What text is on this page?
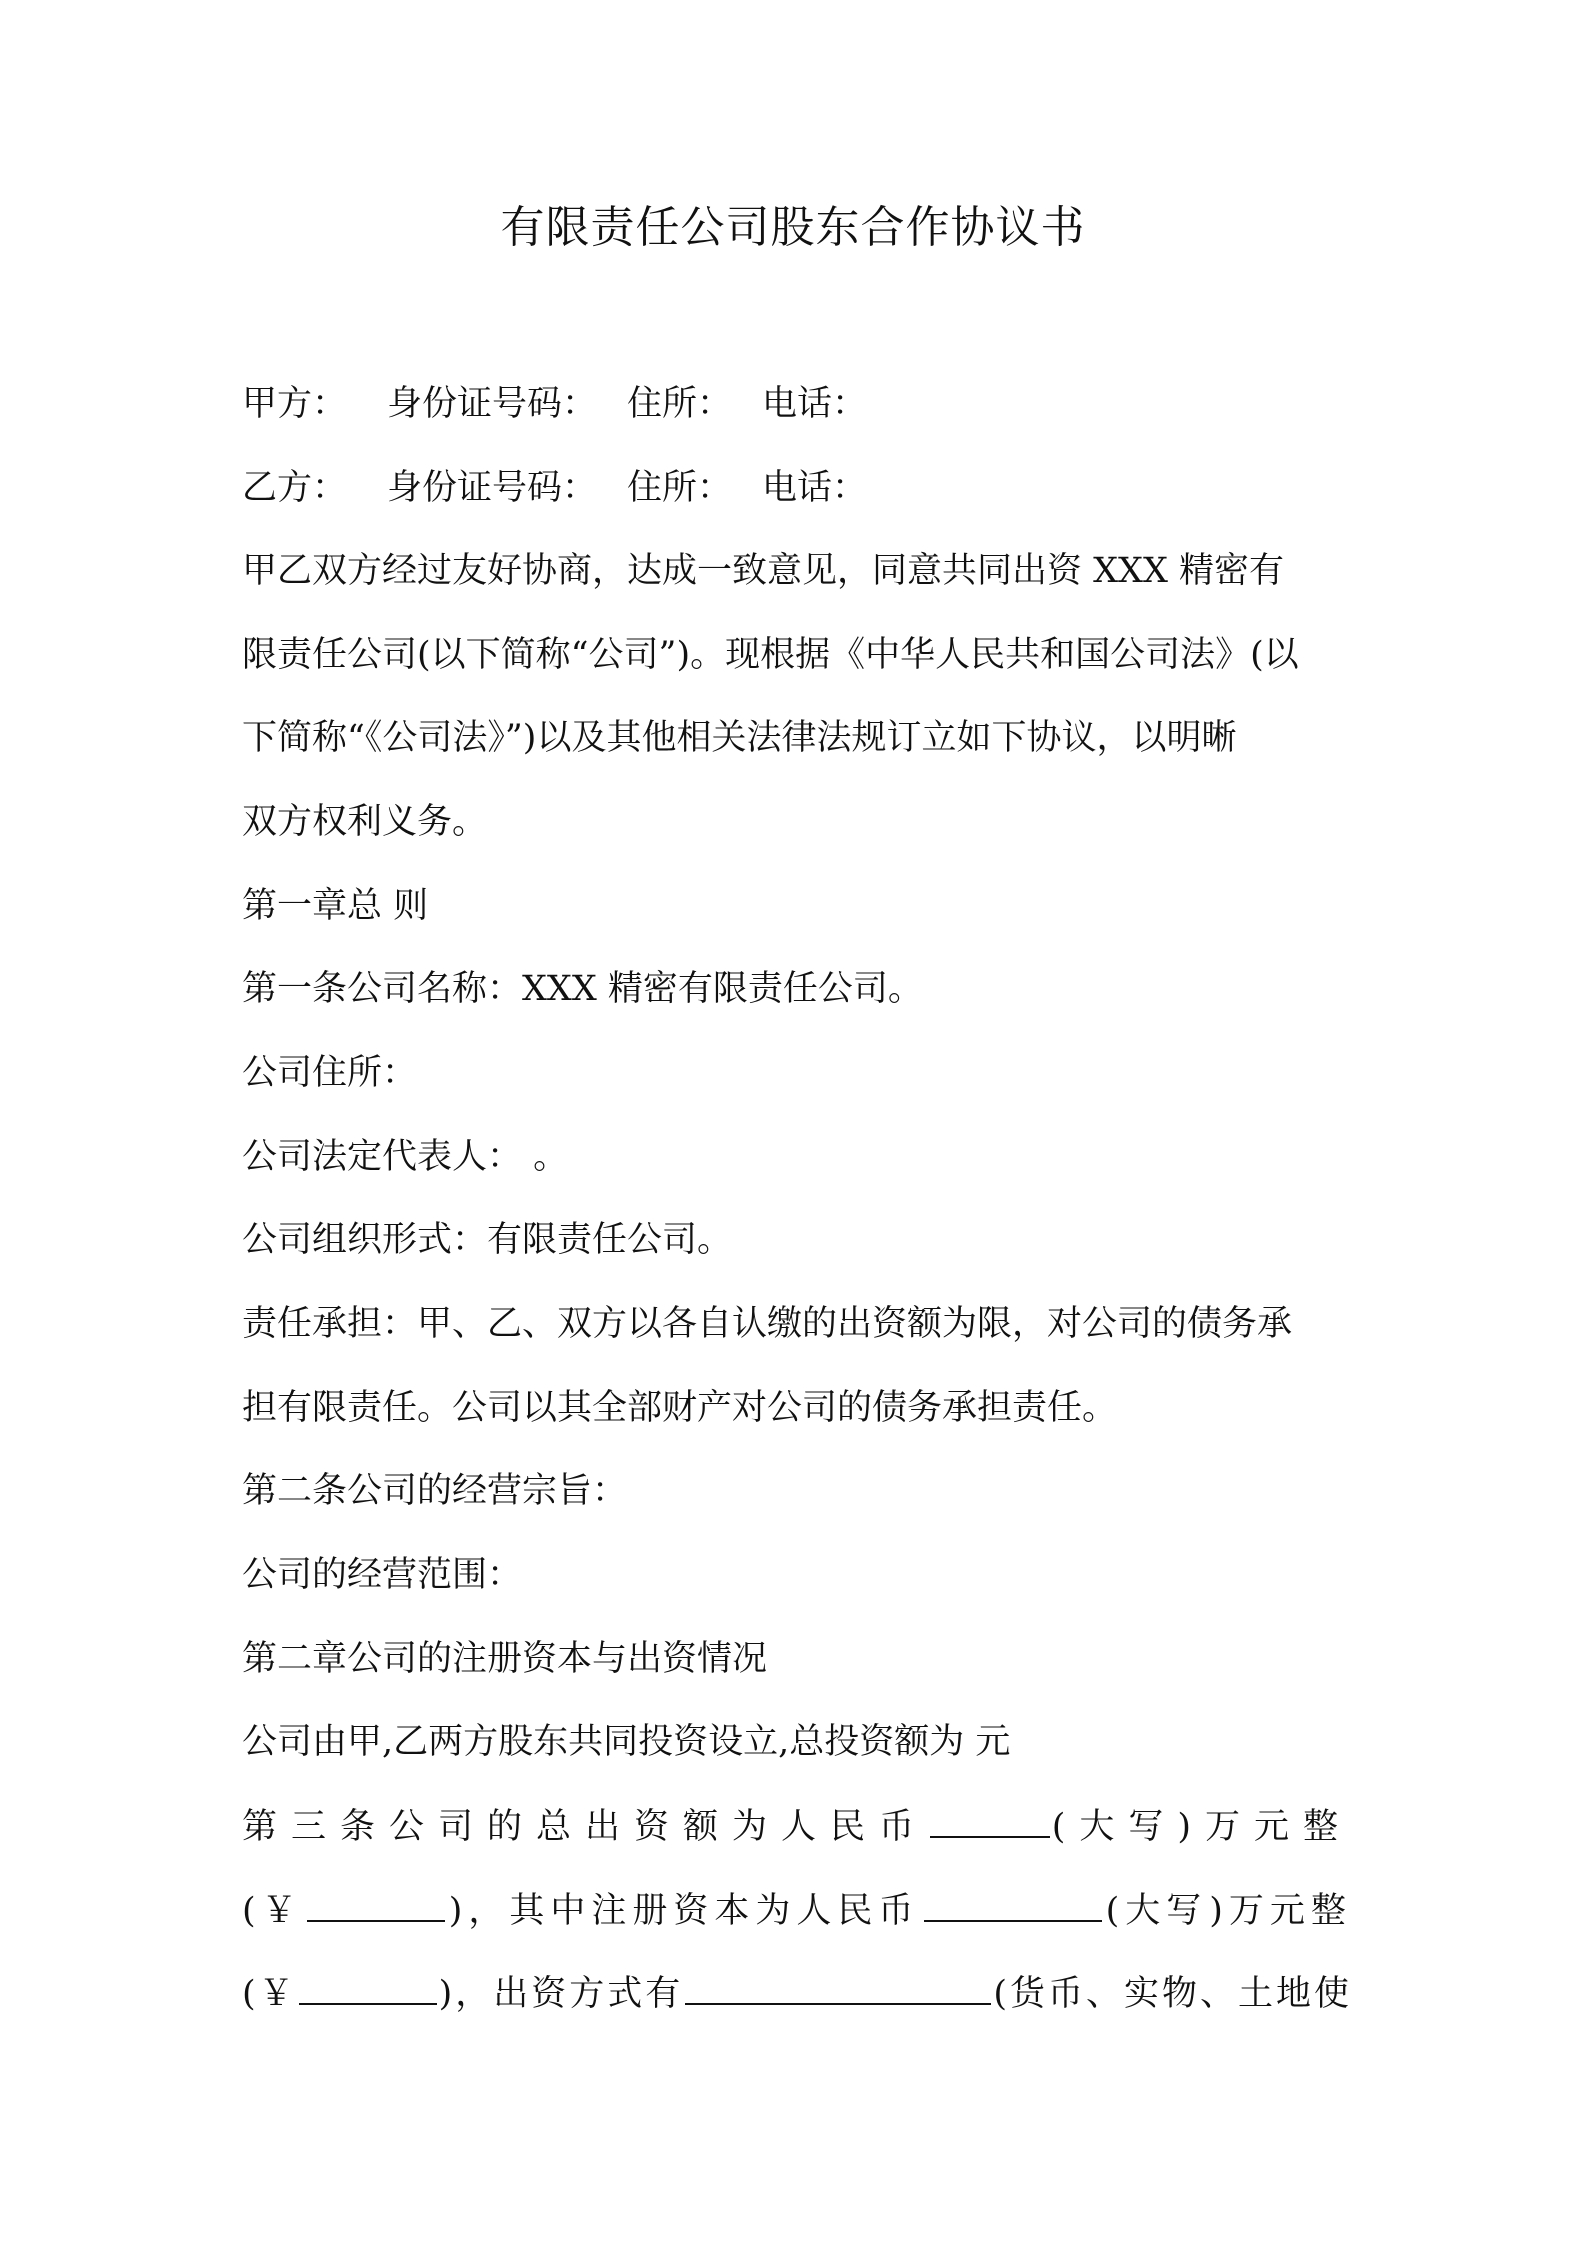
有限责任公司股东合作协议书
甲方： 身份证号码： 住所： 电话：
乙方： 身份证号码： 住所： 电话：
甲乙双方经过友好协商，达成一致意见，同意共同出资 XXX 精密有
限责任公司(以下简称“公司”)。现根据《中华人民共和国公司法》(以
下简称“《公司法》”)以及其他相关法律法规订立如下协议，以明晰
双方权利义务。
第一章总 则
第一条公司名称：XXX 精密有限责任公司。
公司住所：
公司法定代表人： 。
公司组织形式：有限责任公司。
责任承担：甲、乙、双方以各自认缴的出资额为限，对公司的债务承
担有限责任。公司以其全部财产对公司的债务承担责任。
第二条公司的经营宗旨：
公司的经营范围：
第二章公司的注册资本与出资情况
公司由甲,乙两方股东共同投资设立,总投资额为 元
第三条公司的总出资额为人民币	(大写 )万元整
(￥	)，其中注册资本为人民币	(大写 )万元整
(￥	)，出资方式有	(货币、实物、土地使
